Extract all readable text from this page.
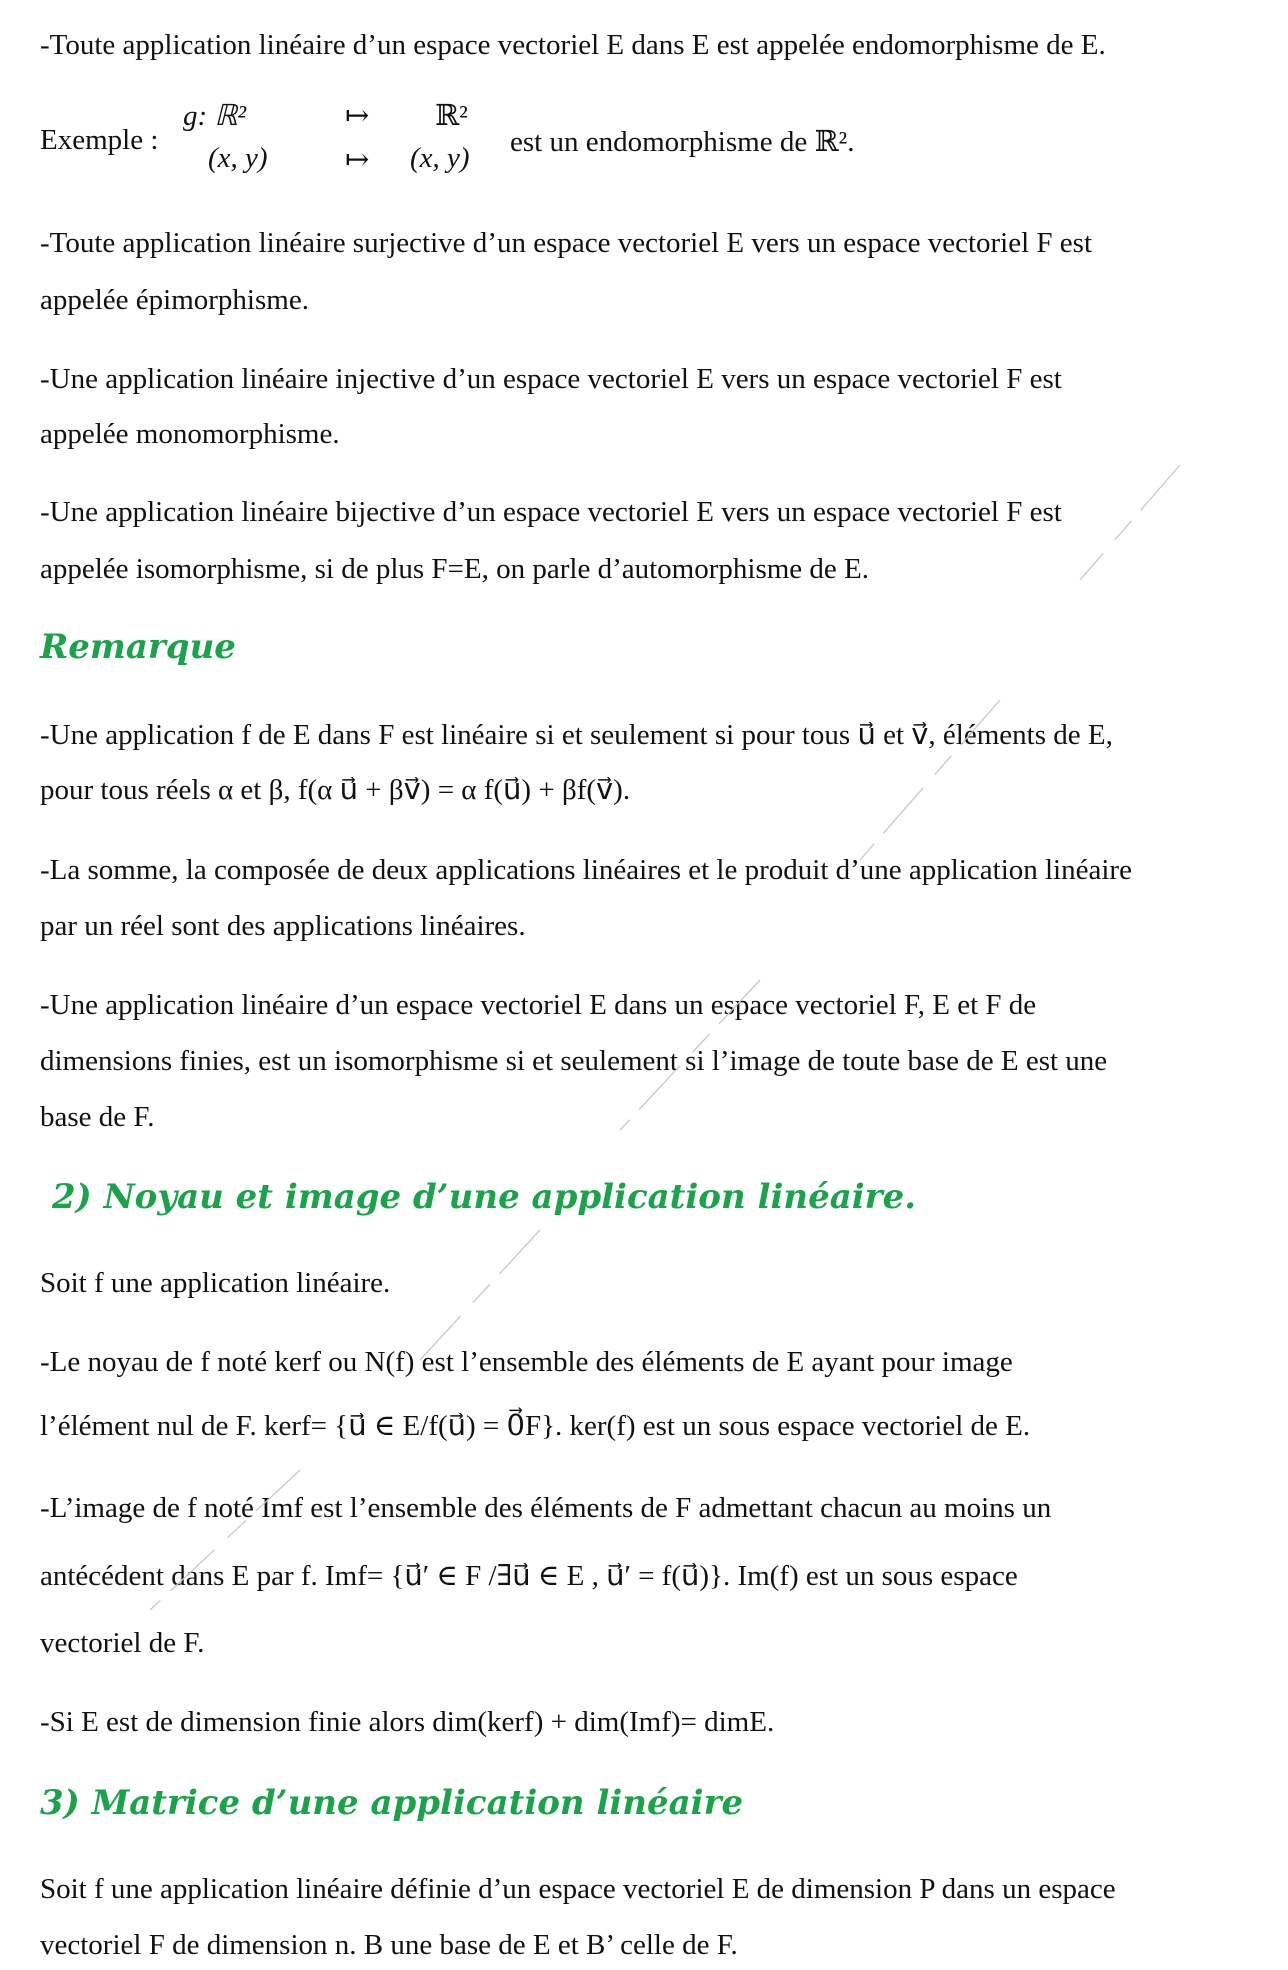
-Toute application linéaire d’un espace vectoriel E dans E est appelée endomorphisme de E.
Exemple :
g: ℝ²	↦ ℝ²
(x, y)	↦ (x, y) est un endomorphisme de ℝ².
-Toute application linéaire surjective d’un espace vectoriel E vers un espace vectoriel F est
appelée épimorphisme.
-Une application linéaire injective d’un espace vectoriel E vers un espace vectoriel F est
appelée monomorphisme.
-Une application linéaire bijective d’un espace vectoriel E vers un espace vectoriel F est
appelée isomorphisme, si de plus F=E, on parle d’automorphisme de E.
Remarque
-Une application f de E dans F est linéaire si et seulement si pour tous u⃗ et v⃗, éléments de E,
pour tous réels α et β, f(α u⃗ + βv⃗) = α f(u⃗) + βf(v⃗).
-La somme, la composée de deux applications linéaires et le produit d’une application linéaire
par un réel sont des applications linéaires.
-Une application linéaire d’un espace vectoriel E dans un espace vectoriel F, E et F de
dimensions finies, est un isomorphisme si et seulement si l’image de toute base de E est une
base de F.
2) Noyau et image d’une application linéaire.
Soit f une application linéaire.
-Le noyau de f noté kerf ou N(f) est l’ensemble des éléments de E ayant pour image
l’élément nul de F. kerf= {u⃗ ∈ E/f(u⃗) = 0⃗F}. ker(f) est un sous espace vectoriel de E.
-L’image de f noté Imf est l’ensemble des éléments de F admettant chacun au moins un
antécédent dans E par f. Imf= {u⃗′ ∈ F /∃u⃗ ∈ E , u⃗′ = f(u⃗)}. Im(f) est un sous espace
vectoriel de F.
-Si E est de dimension finie alors dim(kerf) + dim(Imf)= dimE.
3) Matrice d’une application linéaire
Soit f une application linéaire définie d’un espace vectoriel E de dimension P dans un espace
vectoriel F de dimension n. B une base de E et B’ celle de F.
